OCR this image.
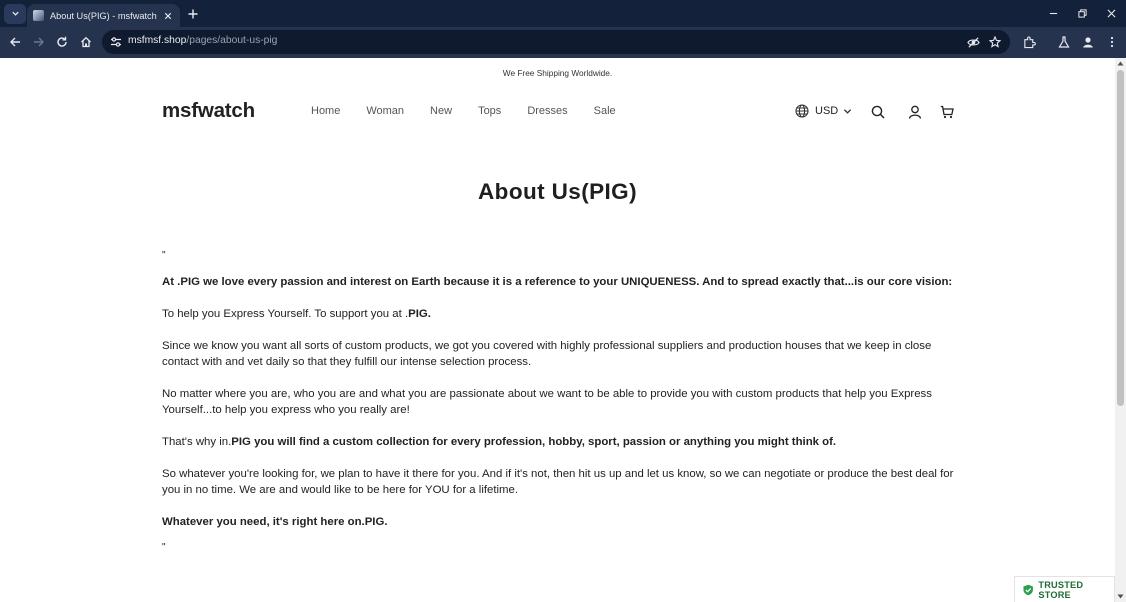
About Us(PIG) - msfwatch
msfmsf.shop/pages/about-us-pig
We Free Shipping Worldwide.
msfwatch	Home Woman New Tops Dresses Sale	USD
About Us(PIG)

"

At .PIG we love every passion and interest on Earth because it is a reference to your UNIQUENESS. And to spread exactly that...is our core vision:

To help you Express Yourself. To support you at .PIG.

Since we know you want all sorts of custom products, we got you covered with highly professional suppliers and production houses that we keep in close contact with and vet daily so that they fulfill our intense selection process.

No matter where you are, who you are and what you are passionate about we want to be able to provide you with custom products that help you Express Yourself...to help you express who you really are!

That's why in.PIG you will find a custom collection for every profession, hobby, sport, passion or anything you might think of.

So whatever you're looking for, we plan to have it there for you. And if it's not, then hit us up and let us know, so we can negotiate or produce the best deal for you in no time. We are and would like to be here for YOU for a lifetime.

Whatever you need, it's right here on.PIG.

"

TRUSTED STORE
